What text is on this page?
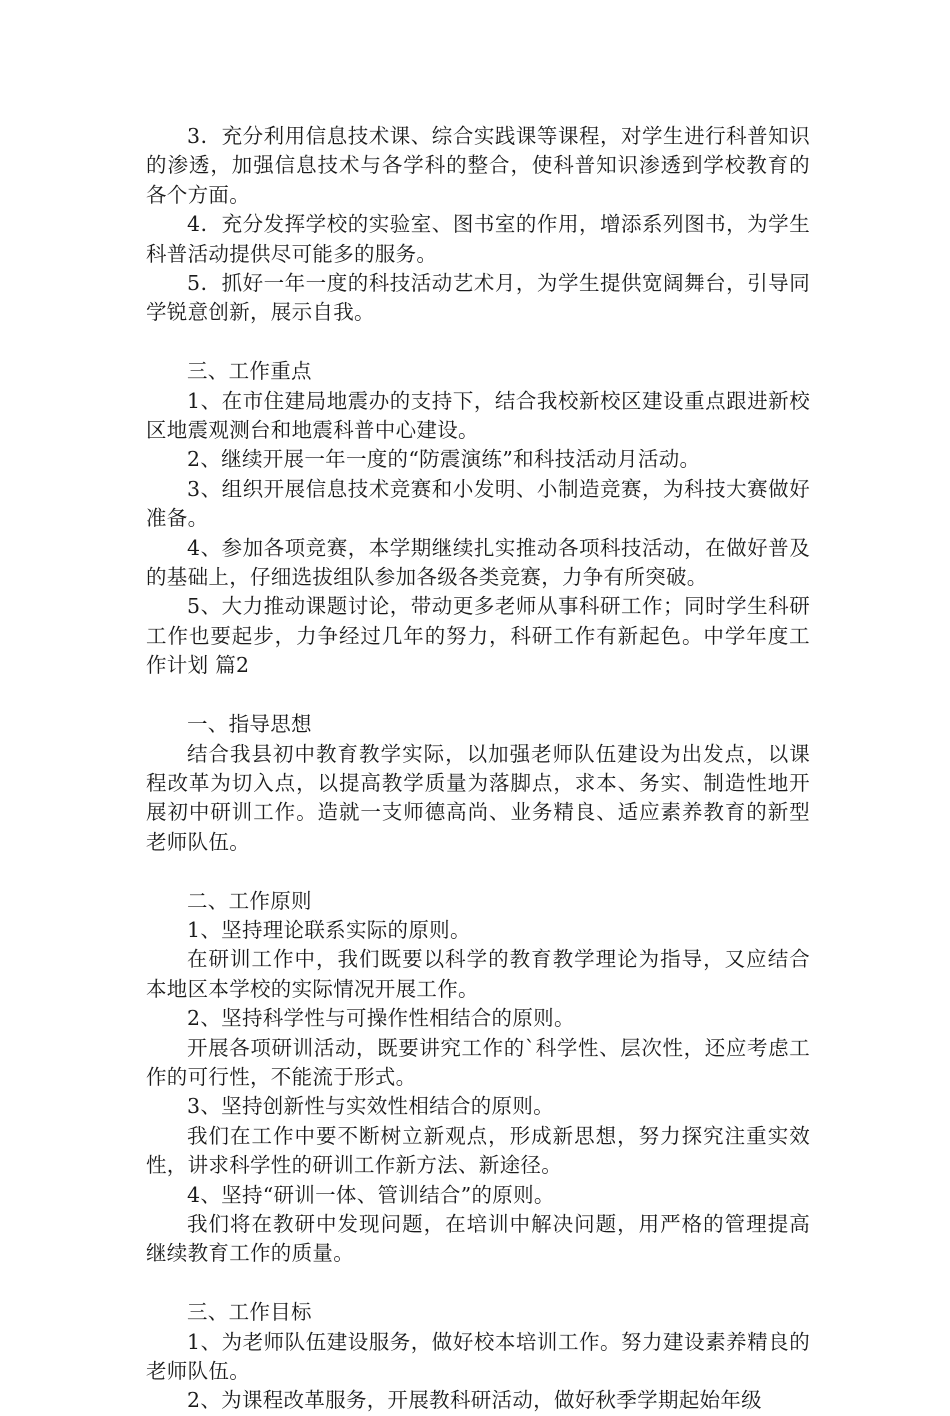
3．充分利用信息技术课、综合实践课等课程，对学生进行科普知识的渗透，加强信息技术与各学科的整合，使科普知识渗透到学校教育的各个方面。

4．充分发挥学校的实验室、图书室的作用，增添系列图书，为学生科普活动提供尽可能多的服务。

5．抓好一年一度的科技活动艺术月，为学生提供宽阔舞台，引导同学锐意创新，展示自我。

三、工作重点

1、在市住建局地震办的支持下，结合我校新校区建设重点跟进新校区地震观测台和地震科普中心建设。

2、继续开展一年一度的“防震演练”和科技活动月活动。

3、组织开展信息技术竞赛和小发明、小制造竞赛，为科技大赛做好准备。

4、参加各项竞赛，本学期继续扎实推动各项科技活动，在做好普及的基础上，仔细选拔组队参加各级各类竞赛，力争有所突破。

5、大力推动课题讨论，带动更多老师从事科研工作；同时学生科研工作也要起步，力争经过几年的努力，科研工作有新起色。中学年度工作计划 篇2

一、指导思想

结合我县初中教育教学实际，以加强老师队伍建设为出发点，以课程改革为切入点，以提高教学质量为落脚点，求本、务实、制造性地开展初中研训工作。造就一支师德高尚、业务精良、适应素养教育的新型老师队伍。

二、工作原则

1、坚持理论联系实际的原则。

在研训工作中，我们既要以科学的教育教学理论为指导，又应结合本地区本学校的实际情况开展工作。

2、坚持科学性与可操作性相结合的原则。

开展各项研训活动，既要讲究工作的`科学性、层次性，还应考虑工作的可行性，不能流于形式。

3、坚持创新性与实效性相结合的原则。

我们在工作中要不断树立新观点，形成新思想，努力探究注重实效性，讲求科学性的研训工作新方法、新途径。

4、坚持“研训一体、管训结合”的原则。

我们将在教研中发现问题，在培训中解决问题，用严格的管理提高继续教育工作的质量。

三、工作目标

1、为老师队伍建设服务，做好校本培训工作。努力建设素养精良的老师队伍。

2、为课程改革服务，开展教科研活动，做好秋季学期起始年级
